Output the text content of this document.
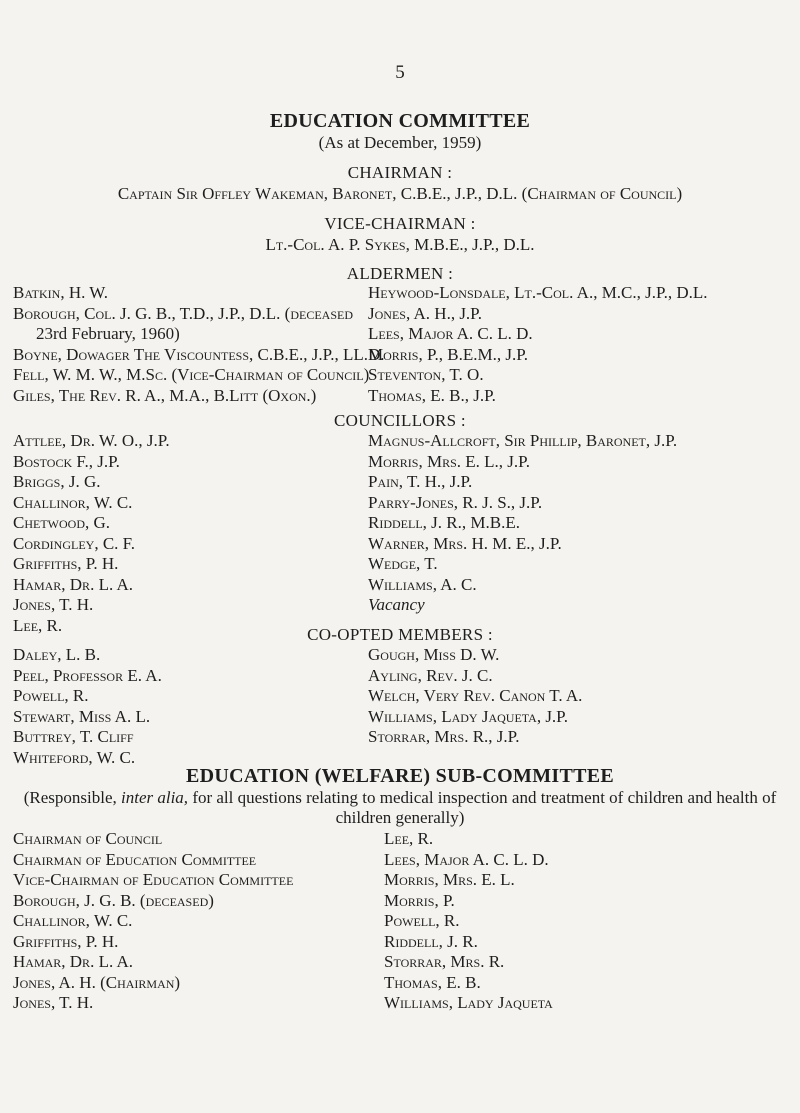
5
EDUCATION COMMITTEE
(As at December, 1959)
CHAIRMAN :
Captain Sir Offley Wakeman, Baronet, C.B.E., J.P., D.L. (Chairman of Council)
VICE-CHAIRMAN :
Lt.-Col. A. P. Sykes, M.B.E., J.P., D.L.
ALDERMEN :
Batkin, H. W.
Borough, Col. J. G. B., T.D., J.P., D.L. (deceased
23rd February, 1960)
Boyne, Dowager The Viscountess, C.B.E., J.P., LL.D.
Fell, W. M. W., M.Sc. (Vice-Chairman of Council)
Giles, The Rev. R. A., M.A., B.Litt (Oxon.)
Heywood-Lonsdale, Lt.-Col. A., M.C., J.P., D.L.
Jones, A. H., J.P.
Lees, Major A. C. L. D.
Morris, P., B.E.M., J.P.
Steventon, T. O.
Thomas, E. B., J.P.
COUNCILLORS :
Attlee, Dr. W. O., J.P.
Bostock F., J.P.
Briggs, J. G.
Challinor, W. C.
Chetwood, G.
Cordingley, C. F.
Griffiths, P. H.
Hamar, Dr. L. A.
Jones, T. H.
Lee, R.
Magnus-Allcroft, Sir Phillip, Baronet, J.P.
Morris, Mrs. E. L., J.P.
Pain, T. H., J.P.
Parry-Jones, R. J. S., J.P.
Riddell, J. R., M.B.E.
Warner, Mrs. H. M. E., J.P.
Wedge, T.
Williams, A. C.
Vacancy
CO-OPTED MEMBERS :
Daley, L. B.
Peel, Professor E. A.
Powell, R.
Stewart, Miss A. L.
Buttrey, T. Cliff
Whiteford, W. C.
Gough, Miss D. W.
Ayling, Rev. J. C.
Welch, Very Rev. Canon T. A.
Williams, Lady Jaqueta, J.P.
Storrar, Mrs. R., J.P.
EDUCATION (WELFARE) SUB-COMMITTEE
(Responsible, inter alia, for all questions relating to medical inspection and treatment of children and health of
children generally)
Chairman of Council
Chairman of Education Committee
Vice-Chairman of Education Committee
Borough, J. G. B. (deceased)
Challinor, W. C.
Griffiths, P. H.
Hamar, Dr. L. A.
Jones, A. H. (Chairman)
Jones, T. H.
Lee, R.
Lees, Major A. C. L. D.
Morris, Mrs. E. L.
Morris, P.
Powell, R.
Riddell, J. R.
Storrar, Mrs. R.
Thomas, E. B.
Williams, Lady Jaqueta
